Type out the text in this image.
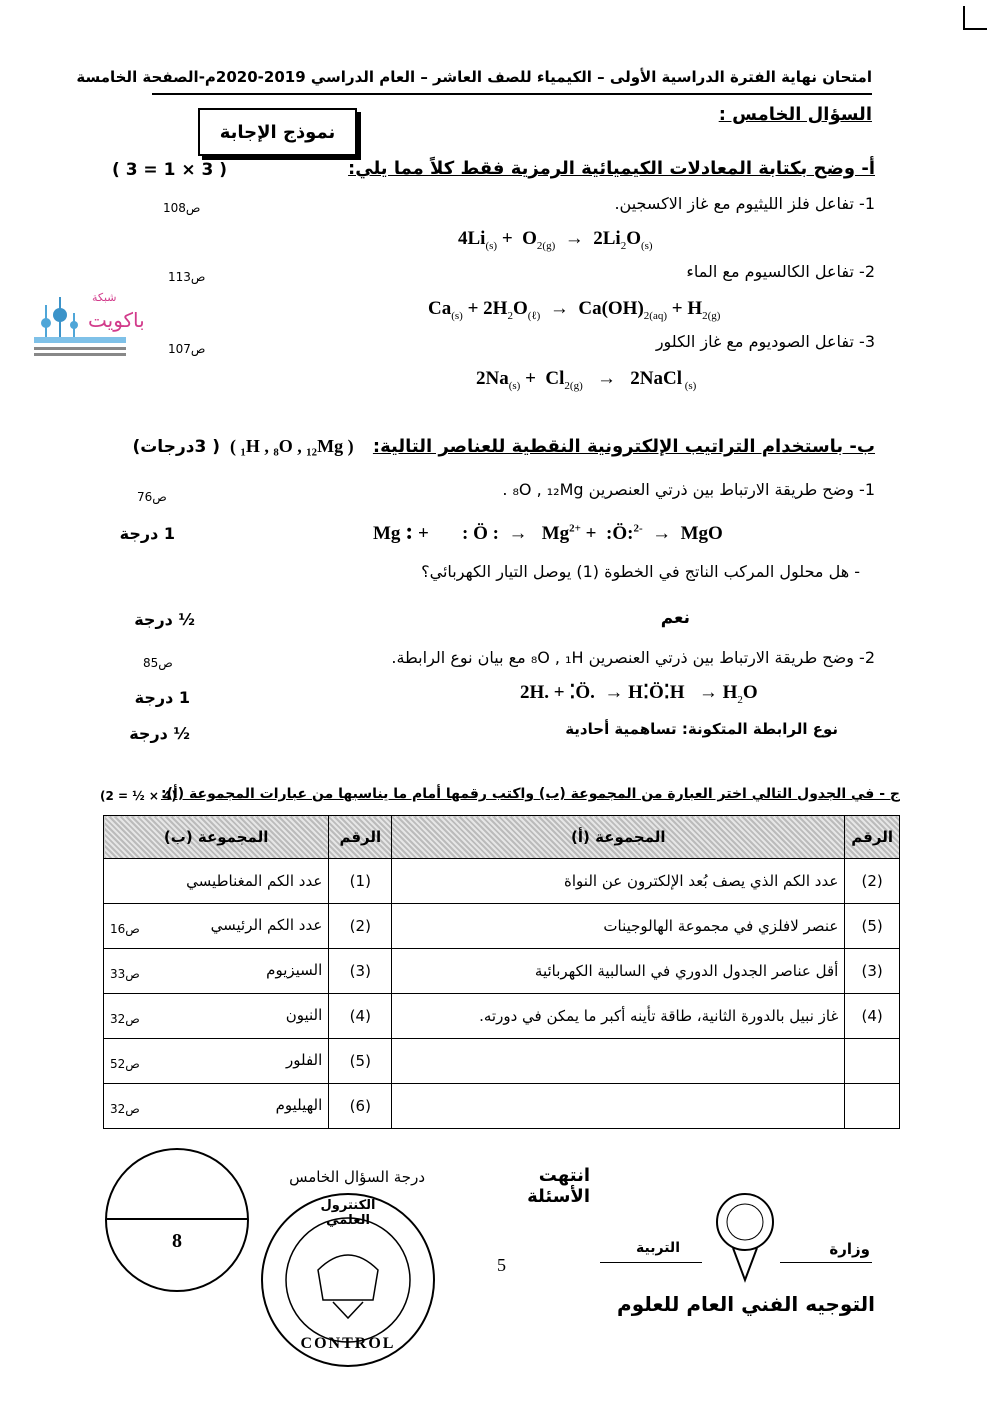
امتحان نهاية الفترة الدراسية الأولى – الكيمياء للصف العاشر – العام الدراسي 2019-2020م-الصفحة الخامسة
السؤال الخامس :
نموذج الإجابة
أ- وضح بكتابة المعادلات الكيميائية الرمزية فقط كلاً مما يلي:
( 3 = 1 × 3 )
1- تفاعل فلز الليثيوم مع غاز الاكسجين.
ص108
$4Li_{(s)} + O_{2(g)} \to 2Li_2O_{(s)}$
2- تفاعل الكالسيوم مع الماء
ص113
$Ca_{(s)} + 2H_2O_{(\ell)} \to Ca(OH)_{2(aq)} + H_{2(g)}$
3- تفاعل الصوديوم مع غاز الكلور
ص107
$2Na_{(s)} + Cl_{2(g)}$   →   2NaCl $_{(s)}$
شبكة
باكويت
ب- باستخدام التراتيب الإلكترونية النقطية للعناصر التالية:
( ₁H , ₈O , ₁₂Mg )
( 3درجات)
1- وضح طريقة الارتباط بين ذرتي العنصرين ₈O , ₁₂Mg .
ص76
1 درجة	Mg : +       : Ö :  →   $Mg^{2+}$ +  :Ö:$^{2-}$  →  MgO
- هل محلول المركب الناتج في الخطوة (1) يوصل التيار الكهربائي؟
نعم
½ درجة
2- وضح طريقة الارتباط بين ذرتي العنصرين ₈O , ₁H مع بيان نوع الرابطة.
ص85
1 درجة	2H. + ⁚Ö.  → H⁚Ö⁚H   → $H_2O$
نوع الرابطة المتكونة: تساهمية أحادية
½ درجة
ج - في الجدول التالي اختر العبارة من المجموعة (ب) واكتب رقمها أمام ما يناسبها من عبارات المجموعة (أ):
(2 = ½ × 4)
الرقم	المجموعة (أ)	الرقم	المجموعة (ب)
(2)	عدد الكم الذي يصف بُعد الإلكترون عن النواة	(1)	عدد الكم المغناطيسي

(5)	عنصر لافلزي في مجموعة الهالوجينات	(2)	عدد الكم الرئيسي
ص16

(3)	أقل عناصر الجدول الدوري في السالبية الكهربائية	(3)	السيزيوم
ص33

(4)	غاز نبيل بالدورة الثانية، طاقة تأينه أكبر ما يمكن في دورته.	(4)	النيون
ص32

		(5)	الفلور
ص52

		(6)	الهيليوم
ص32
انتهت الأسئلة
درجة السؤال الخامس
8
5
الكنترول العلمي
CONTROL
وزارة
التربية
التوجيه الفني العام للعلوم
